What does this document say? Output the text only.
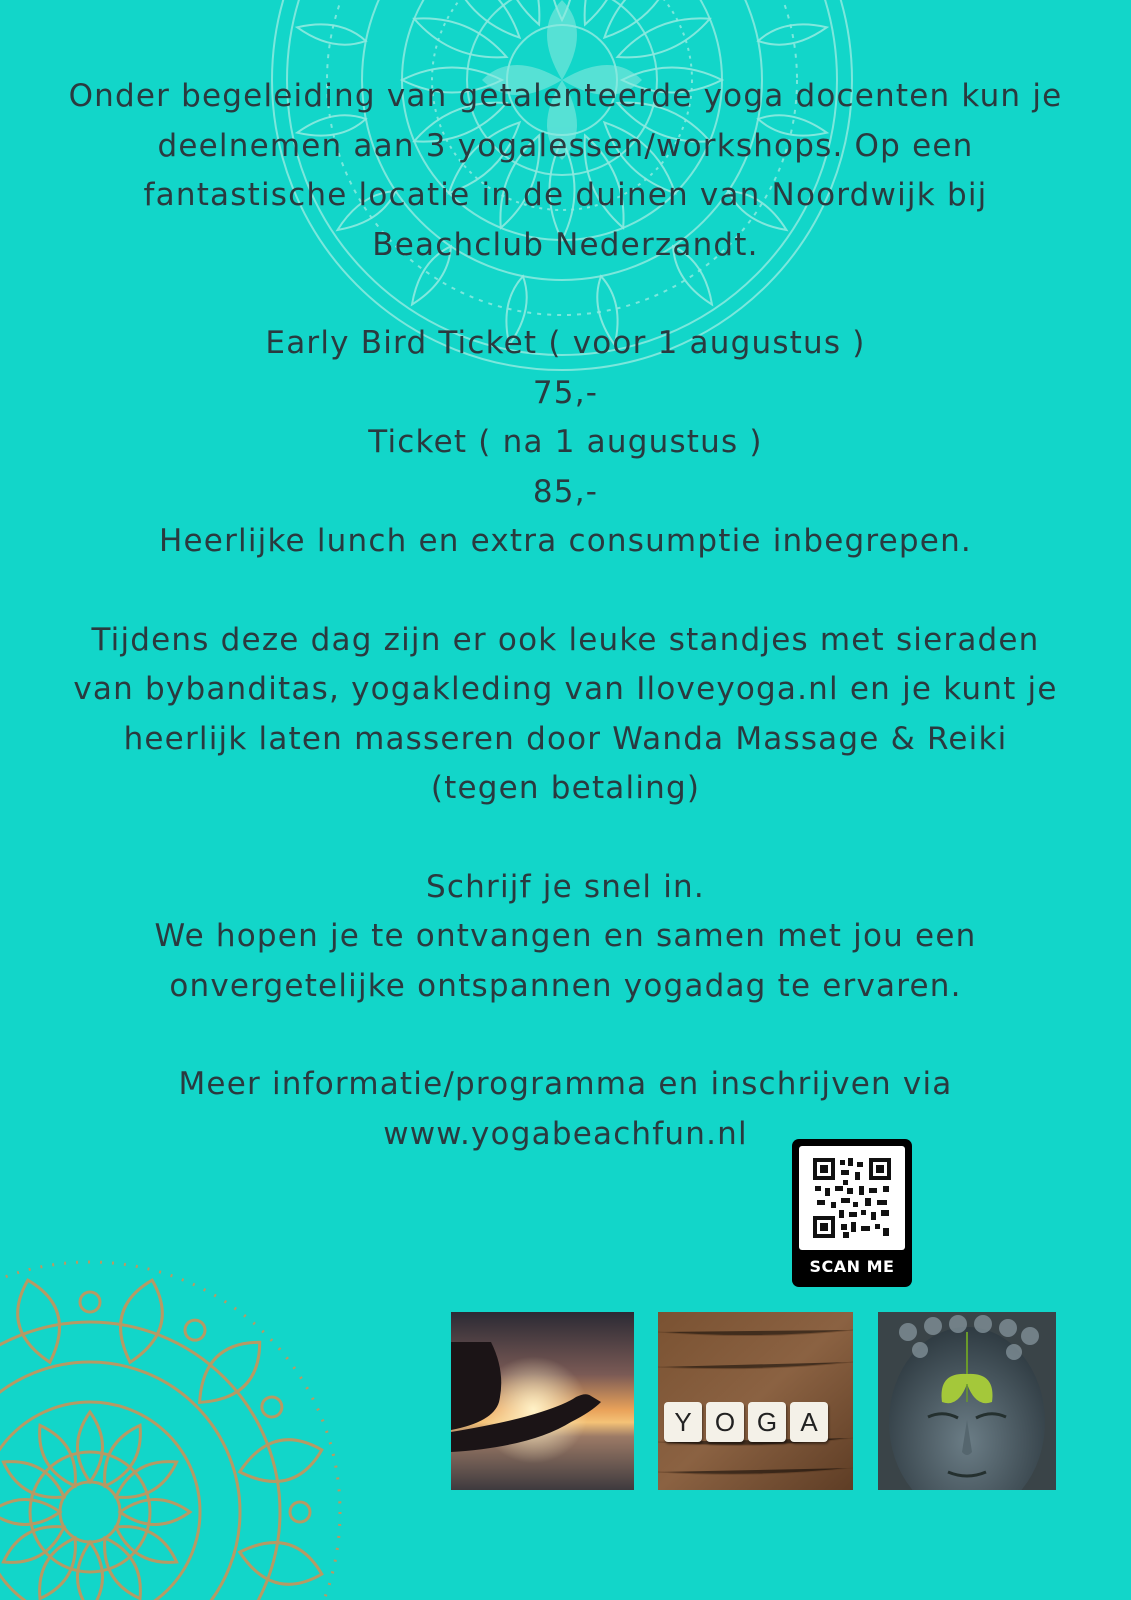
Onder begeleiding van getalenteerde yoga docenten kun je

deelnemen aan 3 yogalessen/workshops. Op een

fantastische locatie in de duinen van Noordwijk bij

Beachclub Nederzandt.

Early Bird Ticket ( voor 1 augustus )

75,-

Ticket ( na 1 augustus )

85,-

Heerlijke lunch en extra consumptie inbegrepen.

Tijdens deze dag zijn er ook leuke standjes met sieraden

van bybanditas, yogakleding van Iloveyoga.nl en je kunt je

heerlijk laten masseren door Wanda Massage & Reiki

(tegen betaling)

Schrijf je snel in.

We hopen je te ontvangen en samen met jou een

onvergetelijke ontspannen yogadag te ervaren.

Meer informatie/programma en inschrijven via

www.yogabeachfun.nl

SCAN ME
Y O G A
